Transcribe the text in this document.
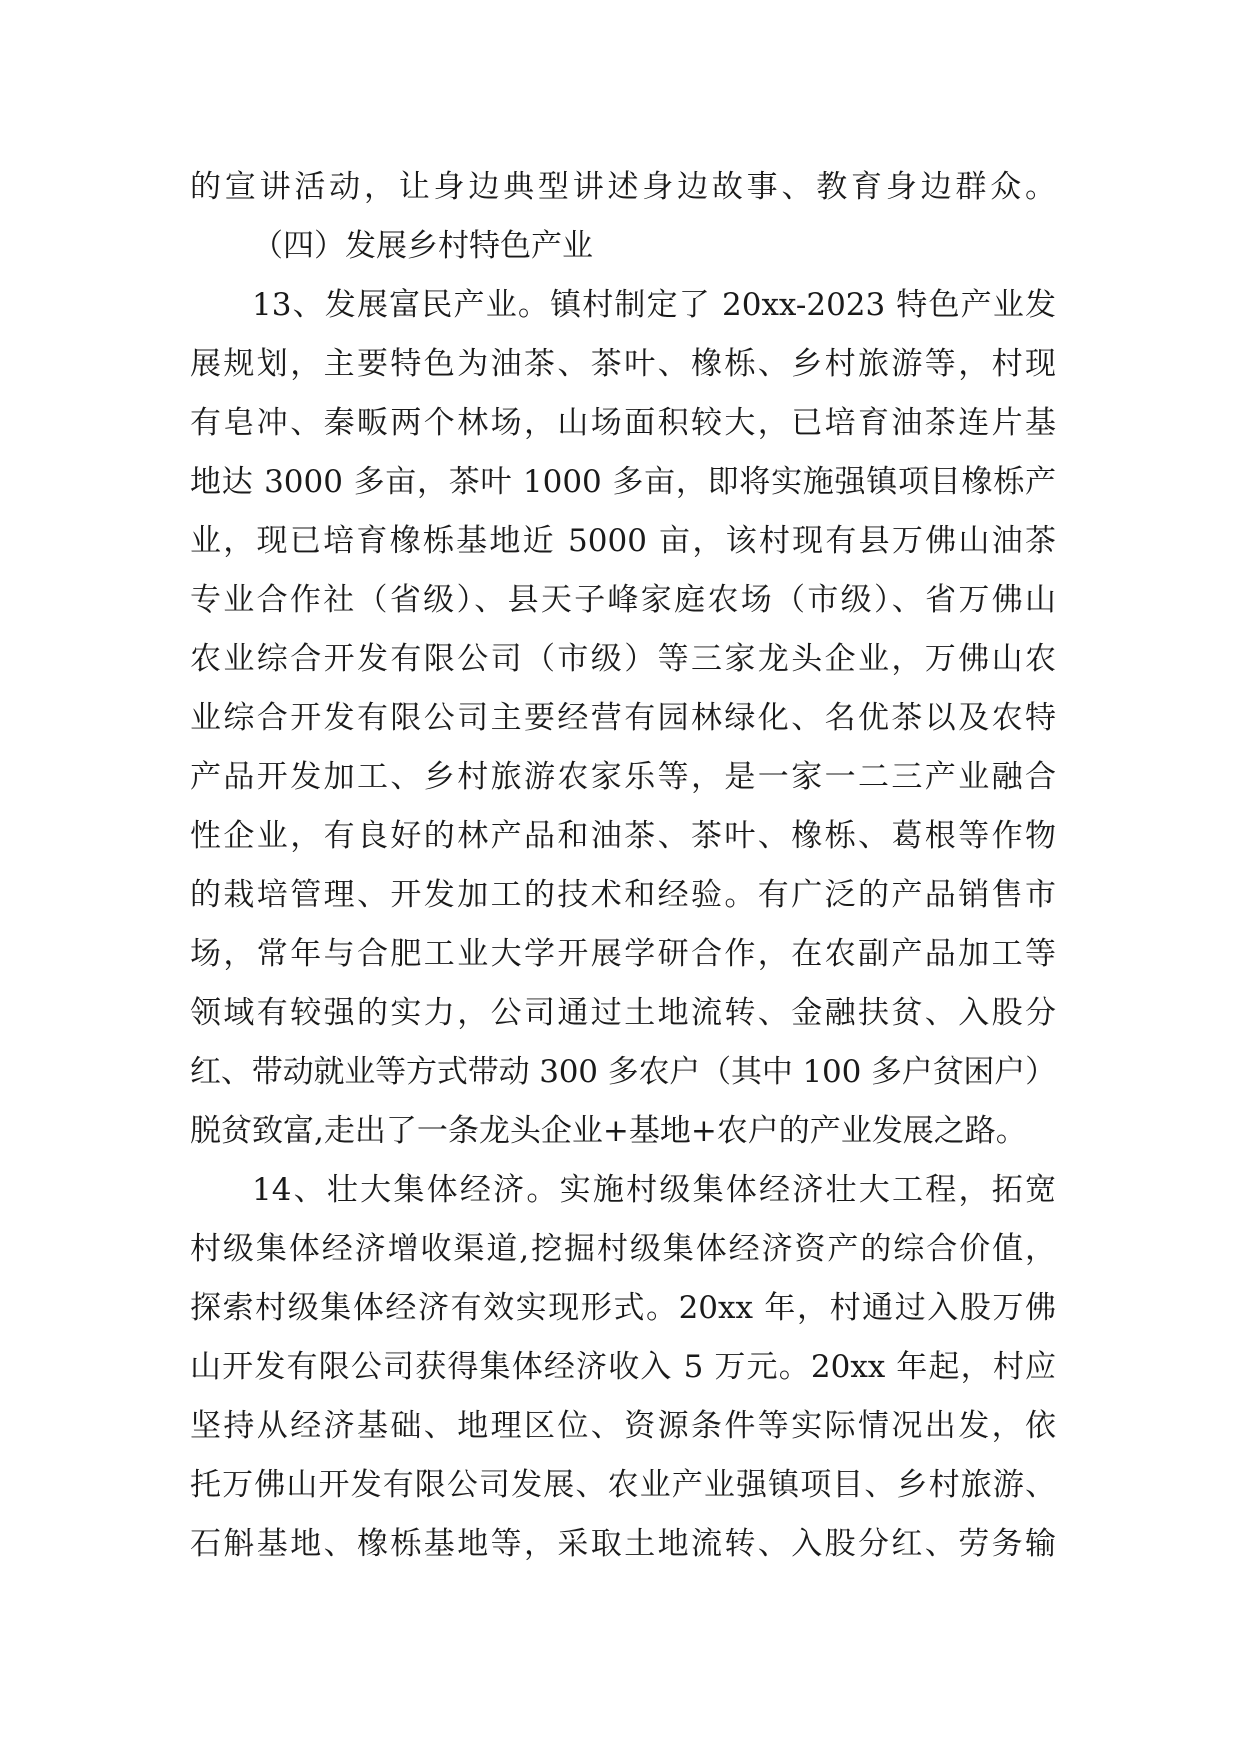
的宣讲活动，让身边典型讲述身边故事、教育身边群众。
（四）发展乡村特色产业
13、发展富民产业。镇村制定了 20xx-2023 特色产业发
展规划，主要特色为油茶、茶叶、橡栎、乡村旅游等，村现
有皂冲、秦畈两个林场，山场面积较大，已培育油茶连片基
地达 3000 多亩，茶叶 1000 多亩，即将实施强镇项目橡栎产
业，现已培育橡栎基地近 5000 亩，该村现有县万佛山油茶
专业合作社（省级）、县天子峰家庭农场（市级）、省万佛山
农业综合开发有限公司（市级）等三家龙头企业，万佛山农
业综合开发有限公司主要经营有园林绿化、名优茶以及农特
产品开发加工、乡村旅游农家乐等，是一家一二三产业融合
性企业，有良好的林产品和油茶、茶叶、橡栎、葛根等作物
的栽培管理、开发加工的技术和经验。有广泛的产品销售市
场，常年与合肥工业大学开展学研合作，在农副产品加工等
领域有较强的实力，公司通过土地流转、金融扶贫、入股分
红、带动就业等方式带动 300 多农户（其中 100 多户贫困户）
脱贫致富,走出了一条龙头企业+基地+农户的产业发展之路。
14、壮大集体经济。实施村级集体经济壮大工程，拓宽
村级集体经济增收渠道,挖掘村级集体经济资产的综合价值，
探索村级集体经济有效实现形式。20xx 年，村通过入股万佛
山开发有限公司获得集体经济收入 5 万元。20xx 年起，村应
坚持从经济基础、地理区位、资源条件等实际情况出发，依
托万佛山开发有限公司发展、农业产业强镇项目、乡村旅游、
石斛基地、橡栎基地等，采取土地流转、入股分红、劳务输
